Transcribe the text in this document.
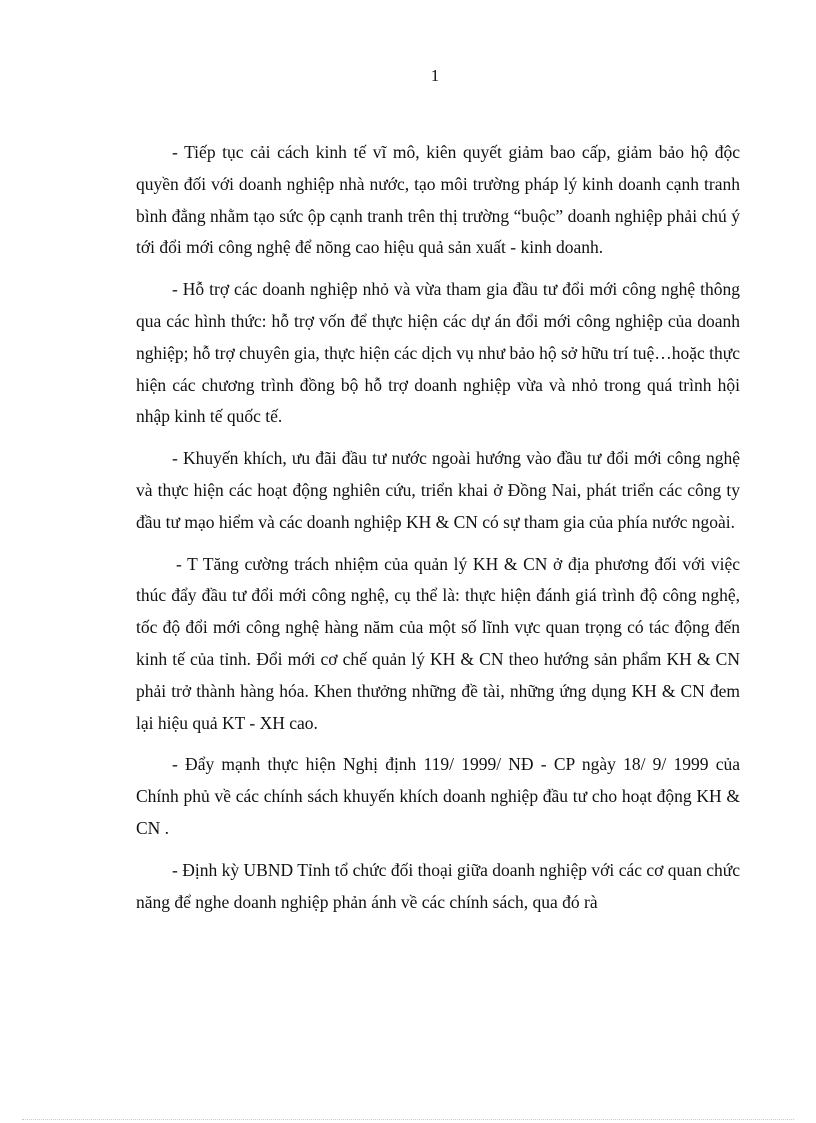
1

- Tiếp tục cải cách kinh tế vĩ mô, kiên quyết giảm bao cấp, giảm bảo hộ độc quyền đối với doanh nghiệp nhà nước, tạo môi trường pháp lý kinh doanh cạnh tranh bình đẳng nhằm tạo sức ộp cạnh tranh trên thị trường “buộc” doanh nghiệp phải chú ý tới đổi mới công nghệ để nõng cao hiệu quả sản xuất - kinh doanh.

- Hỗ trợ các doanh nghiệp nhỏ và vừa tham gia đầu tư đổi mới công nghệ thông qua các hình thức: hỗ trợ vốn để thực hiện các dự án đổi mới công nghiệp của doanh nghiệp; hỗ trợ chuyên gia, thực hiện các dịch vụ như bảo hộ sở hữu trí tuệ…hoặc thực hiện các chương trình đồng bộ hỗ trợ doanh nghiệp vừa và nhỏ trong quá trình hội nhập kinh tế quốc tế.

- Khuyến khích, ưu đãi đầu tư nước ngoài hướng vào đầu tư đổi mới công nghệ và thực hiện các hoạt động nghiên cứu, triển khai ở Đồng Nai, phát triển các công ty đầu tư mạo hiểm và các doanh nghiệp KH & CN có sự tham gia của phía nước ngoài.

- T Tăng cường trách nhiệm của quản lý KH & CN ở địa phương đối với việc thúc đẩy đầu tư đổi mới công nghệ, cụ thể là: thực hiện đánh giá trình độ công nghệ, tốc độ đổi mới công nghệ hàng năm của một số lĩnh vực quan trọng có tác động đến kinh tế của tỉnh. Đổi mới cơ chế quản lý KH & CN theo hướng sản phẩm KH & CN phải trở thành hàng hóa. Khen thưởng những đề tài, những ứng dụng KH & CN đem lại hiệu quả KT - XH cao.

- Đẩy mạnh thực hiện Nghị định 119/ 1999/ NĐ - CP ngày 18/ 9/ 1999 của Chính phủ về các chính sách khuyến khích doanh nghiệp đầu tư cho hoạt động KH & CN .

- Định kỳ UBND Tỉnh tổ chức đối thoại giữa doanh nghiệp với các cơ quan chức năng để nghe doanh nghiệp phản ánh về các chính sách, qua đó rà
